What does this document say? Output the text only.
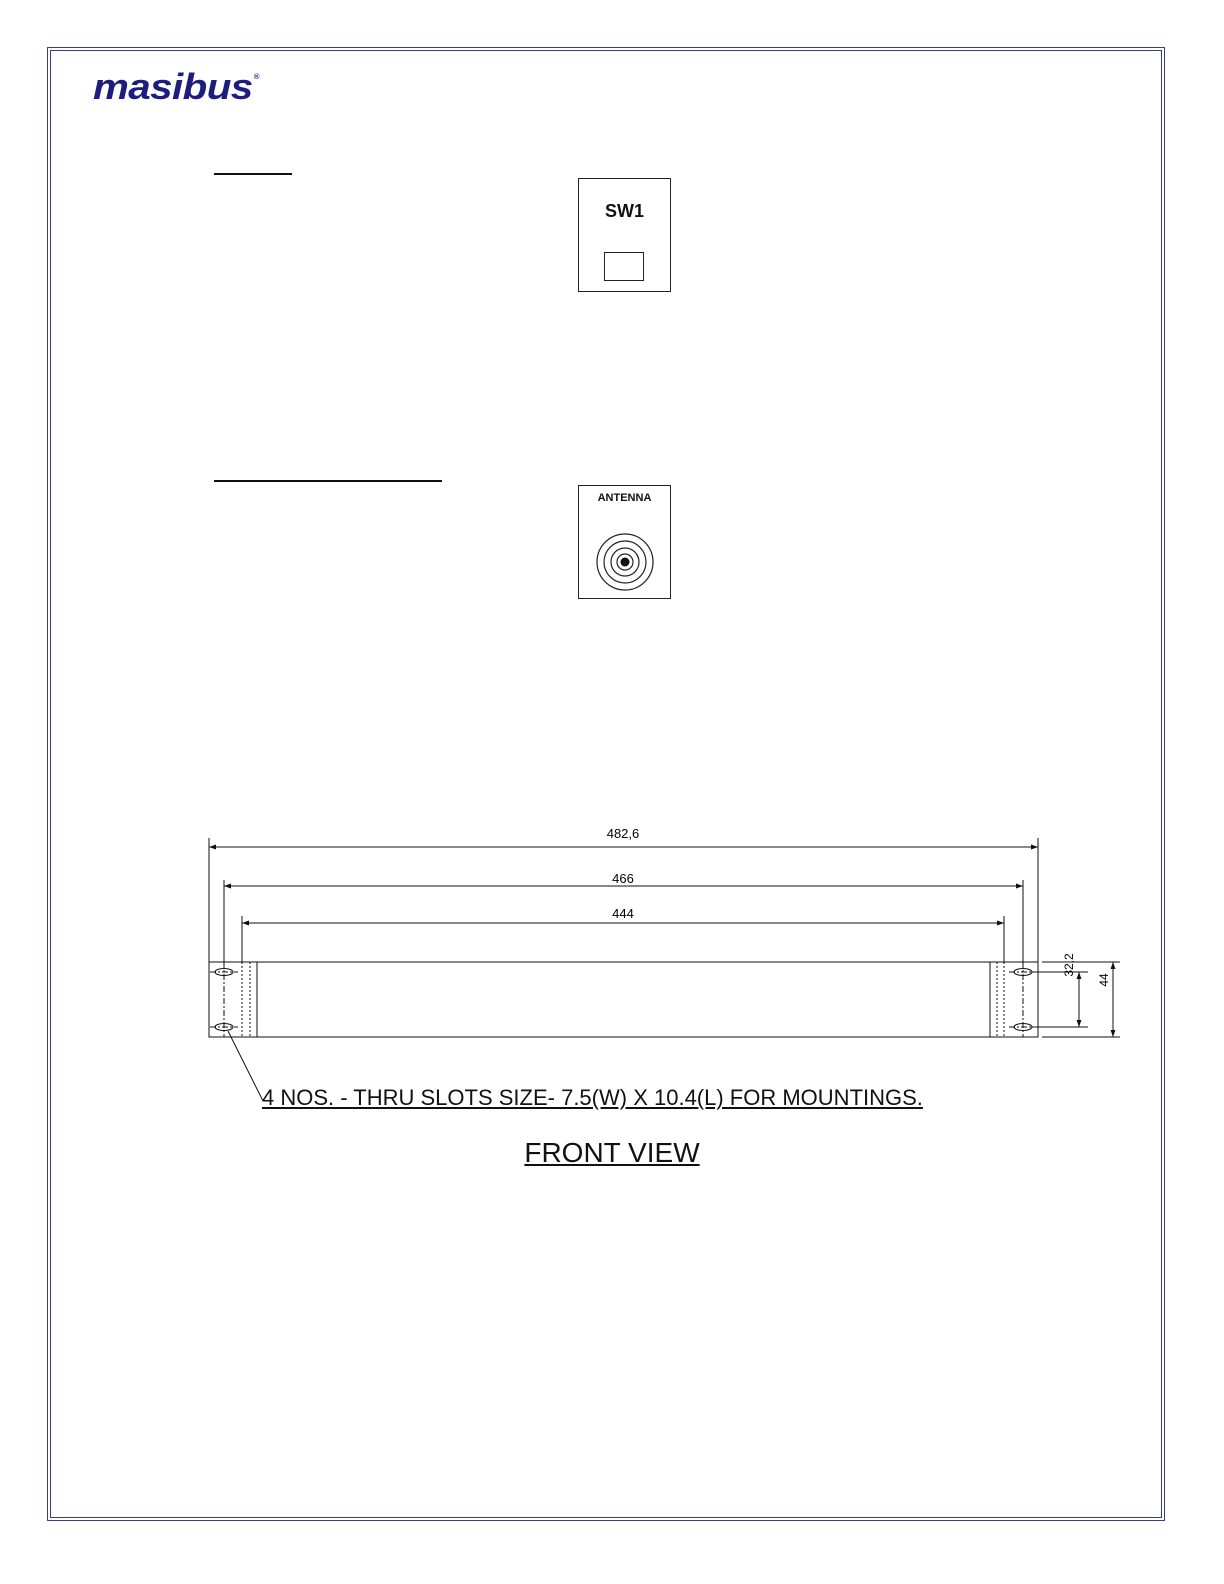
masibus®
SW1
ANTENNA
482,6
466
444
32,2
44
4 NOS. - THRU SLOTS SIZE- 7.5(W) X 10.4(L) FOR MOUNTINGS.
FRONT VIEW
